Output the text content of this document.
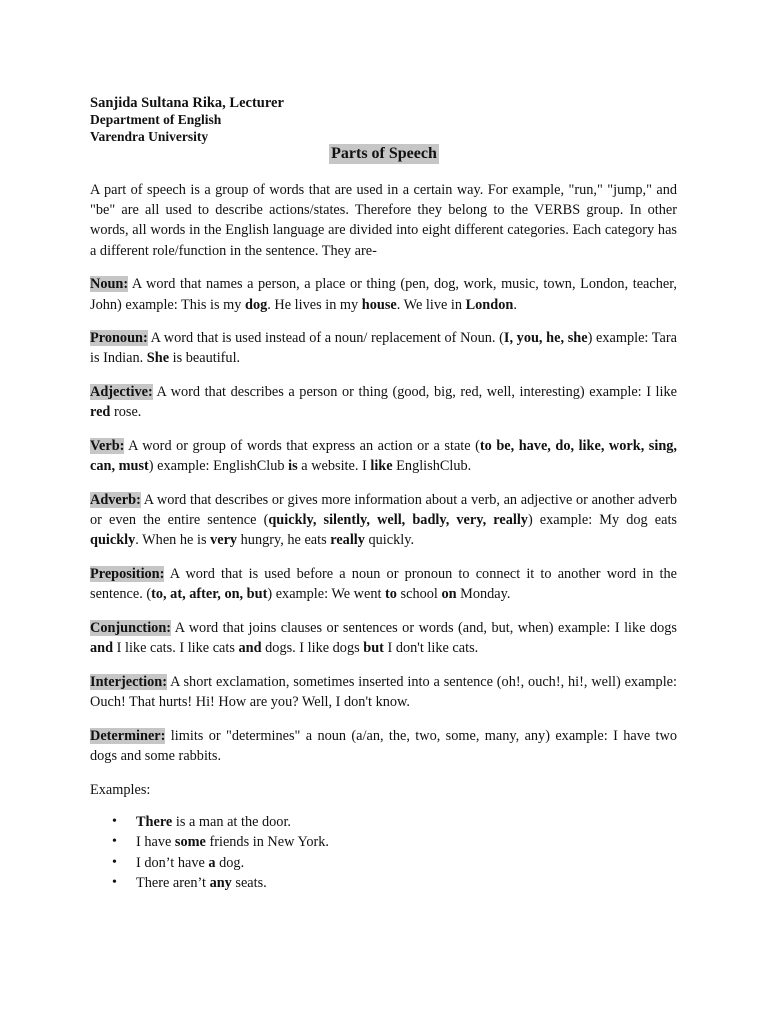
Sanjida Sultana Rika, Lecturer
Department of English
Varendra University
Parts of Speech

A part of speech is a group of words that are used in a certain way. For example, "run," "jump," and "be" are all used to describe actions/states. Therefore they belong to the VERBS group. In other words, all words in the English language are divided into eight different categories. Each category has a different role/function in the sentence. They are-

Noun: A word that names a person, a place or thing (pen, dog, work, music, town, London, teacher, John) example: This is my dog. He lives in my house. We live in London.

Pronoun: A word that is used instead of a noun/ replacement of Noun. (I, you, he, she) example: Tara is Indian. She is beautiful.

Adjective: A word that describes a person or thing (good, big, red, well, interesting) example: I like red rose.

Verb: A word or group of words that express an action or a state (to be, have, do, like, work, sing, can, must) example: EnglishClub is a website. I like EnglishClub.

Adverb: A word that describes or gives more information about a verb, an adjective or another adverb or even the entire sentence (quickly, silently, well, badly, very, really) example: My dog eats quickly. When he is very hungry, he eats really quickly.

Preposition: A word that is used before a noun or pronoun to connect it to another word in the sentence. (to, at, after, on, but) example: We went to school on Monday.

Conjunction: A word that joins clauses or sentences or words (and, but, when) example: I like dogs and I like cats. I like cats and dogs. I like dogs but I don't like cats.

Interjection: A short exclamation, sometimes inserted into a sentence (oh!, ouch!, hi!, well) example: Ouch! That hurts! Hi! How are you? Well, I don't know.

Determiner: limits or "determines" a noun (a/an, the, two, some, many, any) example: I have two dogs and some rabbits.

Examples:

• There is a man at the door.
• I have some friends in New York.
• I don’t have a dog.
• There aren’t any seats.
